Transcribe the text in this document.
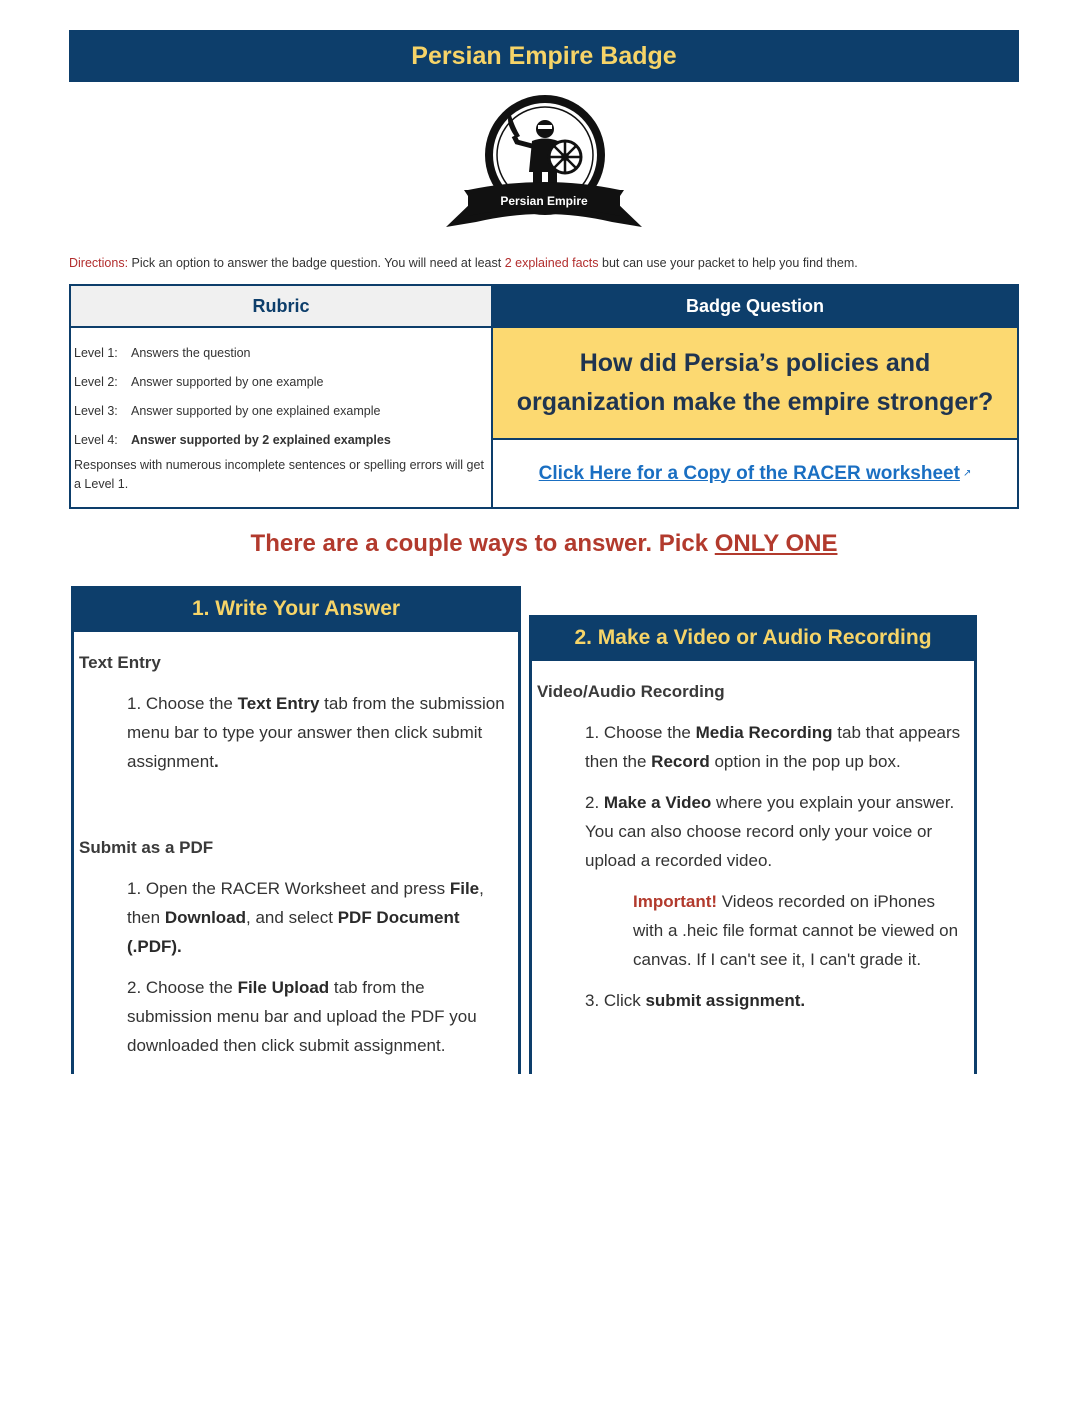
Persian Empire Badge
Persian Empire
Directions: Pick an option to answer the badge question. You will need at least 2 explained facts but can use your packet to help you find them.
Rubric
Level 1:	Answers the question
Level 2:	Answer supported by one example
Level 3:	Answer supported by one explained example
Level 4:	Answer supported by 2 explained examples
Responses with numerous incomplete sentences or spelling errors will get a Level 1.
Badge Question
How did Persia’s policies and organization make the empire stronger?
Click Here for a Copy of the RACER worksheet ↗
There are a couple ways to answer. Pick ONLY ONE
1. Write Your Answer
Text Entry
1. Choose the Text Entry tab from the submission menu bar to type your answer then click submit assignment.
Submit as a PDF
1. Open the RACER Worksheet and press File, then Download, and select PDF Document (.PDF).
2. Choose the File Upload tab from the submission menu bar and upload the PDF you downloaded then click submit assignment.
2. Make a Video or Audio Recording
Video/Audio Recording
1. Choose the Media Recording tab that appears then the Record option in the pop up box.
2. Make a Video where you explain your answer. You can also choose record only your voice or upload a recorded video.
Important! Videos recorded on iPhones with a .heic file format cannot be viewed on canvas. If I can't see it, I can't grade it.
3. Click submit assignment.
